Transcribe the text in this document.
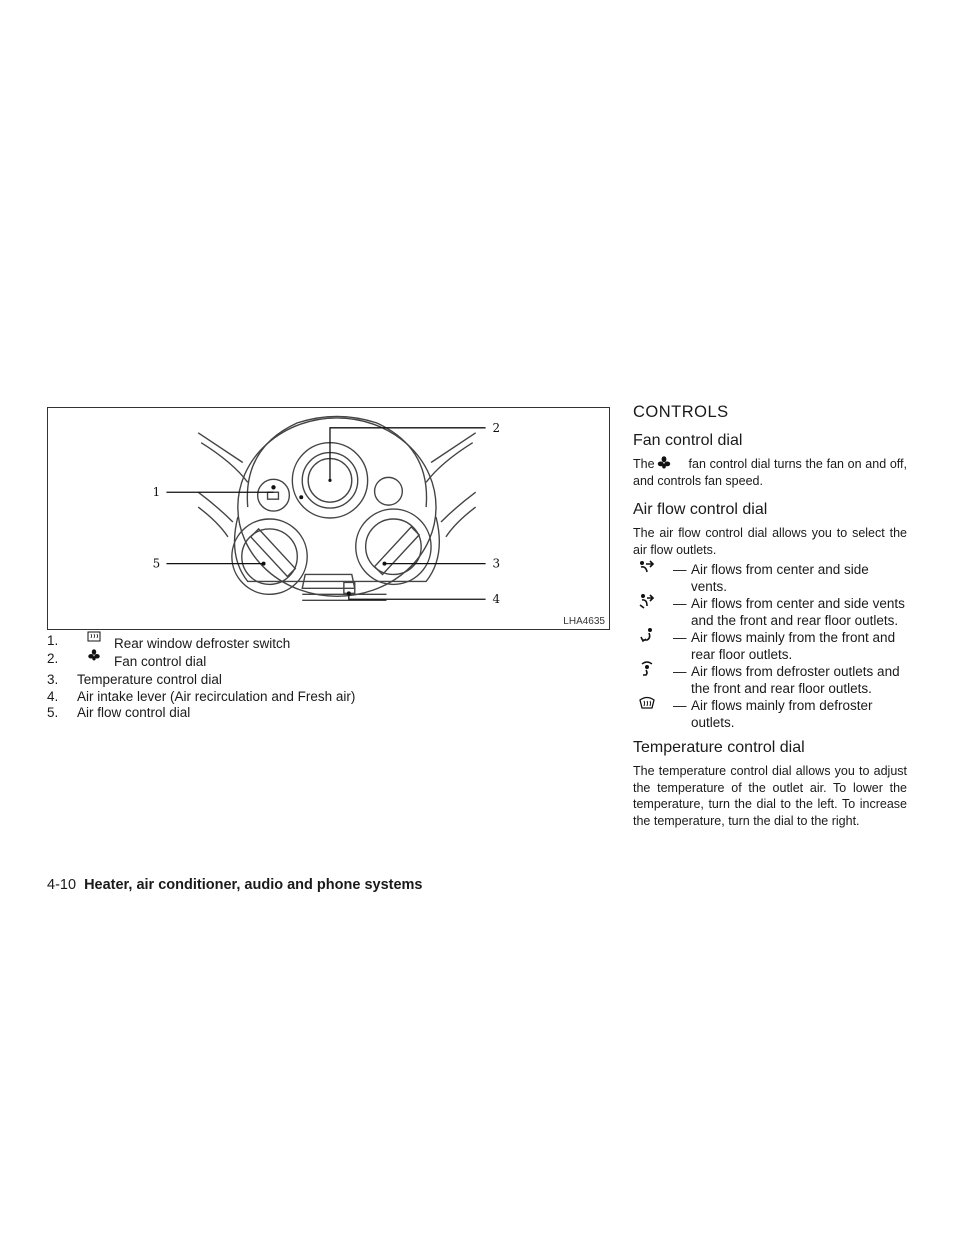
2
1
5	3
4
LHA4635

1.	Rear window defroster switch

2.	Fan control dial

3. Temperature control dial

4. Air intake lever (Air recirculation and Fresh air)

5. Air flow control dial

CONTROLS
Fan control dial

The	fan control dial turns the fan on and off, and controls fan speed.

Air flow control dial

The air flow control dial allows you to select the air flow outlets.

— Air flows from center and side vents.
— Air flows from center and side vents and the front and rear floor outlets.
— Air flows mainly from the front and rear floor outlets.
— Air flows from defroster outlets and the front and rear floor outlets.
— Air flows mainly from defroster outlets.
Temperature control dial

The temperature control dial allows you to adjust the temperature of the outlet air. To lower the temperature, turn the dial to the left. To increase the temperature, turn the dial to the right.

4-10 Heater, air conditioner, audio and phone systems
